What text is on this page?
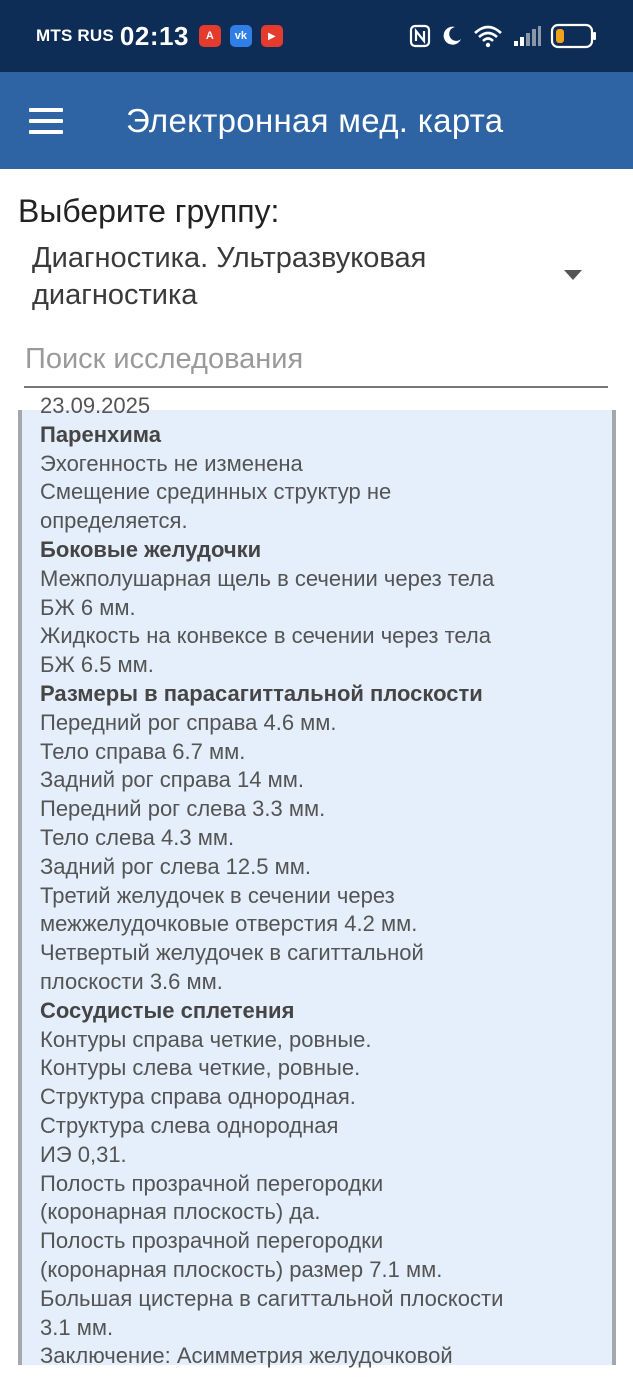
MTS RUS 02:13	А	vk	▶
Электронная мед. карта
Выберите группу:
Диагностика. Ультразвуковая
диагностика
Поиск исследования
23.09.2025
Паренхима
Эхогенность не изменена
Смещение срединных структур не
определяется.
Боковые желудочки
Межполушарная щель в сечении через тела
БЖ 6 мм.
Жидкость на конвексе в сечении через тела
БЖ 6.5 мм.
Размеры в парасагиттальной плоскости
Передний рог справа 4.6 мм.
Тело справа 6.7 мм.
Задний рог справа 14 мм.
Передний рог слева 3.3 мм.
Тело слева 4.3 мм.
Задний рог слева 12.5 мм.
Третий желудочек в сечении через
межжелудочковые отверстия 4.2 мм.
Четвертый желудочек в сагиттальной
плоскости 3.6 мм.
Сосудистые сплетения
Контуры справа четкие, ровные.
Контуры слева четкие, ровные.
Структура справа однородная.
Структура слева однородная
ИЭ 0,31.
Полость прозрачной перегородки
(коронарная плоскость) да.
Полость прозрачной перегородки
(коронарная плоскость) размер 7.1 мм.
Большая цистерна в сагиттальной плоскости
3.1 мм.
Заключение: Асимметрия желудочковой
